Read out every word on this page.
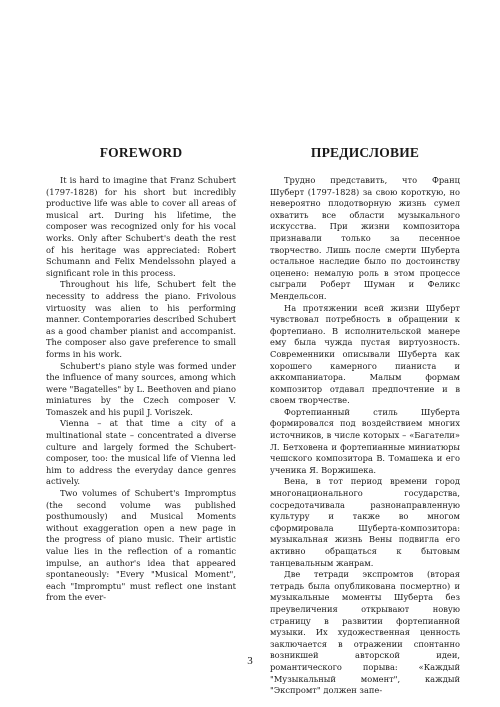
FOREWORD

It is hard to imagine that Franz Schubert (1797-1828) for his short but incredibly productive life was able to cover all areas of musical art. During his lifetime, the composer was recognized only for his vocal works. Only after Schubert's death the rest of his heritage was appreciated: Robert Schumann and Felix Mendelssohn played a significant role in this process.

Throughout his life, Schubert felt the necessity to address the piano. Frivolous virtuosity was alien to his performing manner. Contemporaries described Schubert as a good chamber pianist and accompanist. The composer also gave preference to small forms in his work.

Schubert's piano style was formed under the influence of many sources, among which were "Bagatelles" by L. Beethoven and piano miniatures by the Czech composer V. Tomaszek and his pupil J. Voriszek.

Vienna – at that time a city of a multinational state – concentrated a diverse culture and largely formed the Schubert-composer, too: the musical life of Vienna led him to address the everyday dance genres actively.

Two volumes of Schubert's Impromptus (the second volume was published posthumously) and Musical Moments without exaggeration open a new page in the progress of piano music. Their artistic value lies in the reflection of a romantic impulse, an author's idea that appeared spontaneously: "Every "Musical Moment", each "Impromptu" must reflect one instant from the ever-

ПРЕДИСЛОВИЕ

Трудно представить, что Франц Шуберт (1797-1828) за свою короткую, но невероятно плодотворную жизнь сумел охватить все области музыкального искусства. При жизни композитора признавали только за песенное творчество. Лишь после смерти Шуберта остальное наследие было по достоинству оценено: немалую роль в этом процессе сыграли Роберт Шуман и Феликс Мендельсон.

На протяжении всей жизни Шуберт чувствовал потребность в обращении к фортепиано. В исполнительской манере ему была чужда пустая виртуозность. Современники описывали Шуберта как хорошего камерного пианиста и аккомпаниатора. Малым формам композитор отдавал предпочтение и в своем творчестве.

Фортепианный стиль Шуберта формировался под воздействием многих источников, в числе которых – «Багатели» Л. Бетховена и фортепианные миниатюры чешского композитора В. Томашека и его ученика Я. Воржишека.

Вена, в тот период времени город многонационального государства, сосредотачивала разнонаправленную культуру и также во многом сформировала Шуберта-композитора: музыкальная жизнь Вены подвигла его активно обращаться к бытовым танцевальным жанрам.

Две тетради экспромтов (вторая тетрадь была опубликована посмертно) и музыкальные моменты Шуберта без преувеличения открывают новую страницу в развитии фортепианной музыки. Их художественная ценность заключается в отражении спонтанно возникшей авторской идеи, романтического порыва: «Каждый "Музыкальный момент", каждый "Экспромт" должен запе-

3
